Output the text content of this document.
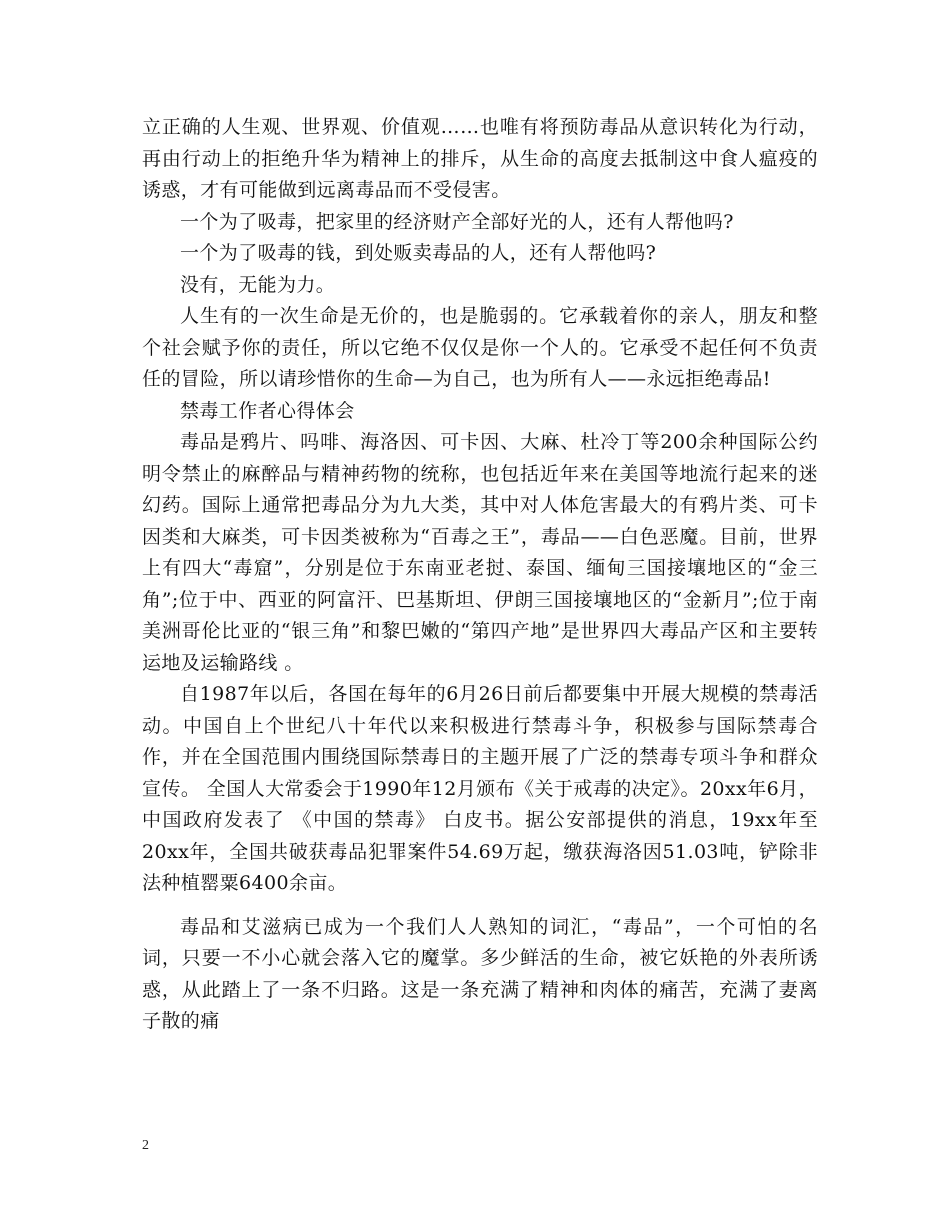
立正确的人生观、世界观、价值观……也唯有将预防毒品从意识转化为行动，再由行动上的拒绝升华为精神上的排斥，从生命的高度去抵制这中食人瘟疫的诱惑，才有可能做到远离毒品而不受侵害。

一个为了吸毒，把家里的经济财产全部好光的人，还有人帮他吗?

一个为了吸毒的钱，到处贩卖毒品的人，还有人帮他吗?

没有，无能为力。

人生有的一次生命是无价的，也是脆弱的。它承载着你的亲人，朋友和整个社会赋予你的责任，所以它绝不仅仅是你一个人的。它承受不起任何不负责任的冒险，所以请珍惜你的生命—为自己，也为所有人——永远拒绝毒品!

禁毒工作者心得体会

毒品是鸦片、吗啡、海洛因、可卡因、大麻、杜冷丁等200余种国际公约明令禁止的麻醉品与精神药物的统称，也包括近年来在美国等地流行起来的迷幻药。国际上通常把毒品分为九大类，其中对人体危害最大的有鸦片类、可卡因类和大麻类，可卡因类被称为“百毒之王”，毒品——白色恶魔。目前，世界上有四大“毒窟”，分别是位于东南亚老挝、泰国、缅甸三国接壤地区的“金三角”;位于中、西亚的阿富汗、巴基斯坦、伊朗三国接壤地区的“金新月”;位于南美洲哥伦比亚的“银三角”和黎巴嫩的“第四产地”是世界四大毒品产区和主要转运地及运输路线 。

自1987年以后，各国在每年的6月26日前后都要集中开展大规模的禁毒活动。中国自上个世纪八十年代以来积极进行禁毒斗争，积极参与国际禁毒合作，并在全国范围内围绕国际禁毒日的主题开展了广泛的禁毒专项斗争和群众宣传。 全国人大常委会于1990年12月颁布《关于戒毒的决定》。20xx年6月，中国政府发表了 《中国的禁毒》 白皮书。据公安部提供的消息，19xx年至20xx年，全国共破获毒品犯罪案件54.69万起，缴获海洛因51.03吨，铲除非法种植罂粟6400余亩。

毒品和艾滋病已成为一个我们人人熟知的词汇，“毒品”，一个可怕的名词，只要一不小心就会落入它的魔掌。多少鲜活的生命，被它妖艳的外表所诱惑，从此踏上了一条不归路。这是一条充满了精神和肉体的痛苦，充满了妻离子散的痛

2
